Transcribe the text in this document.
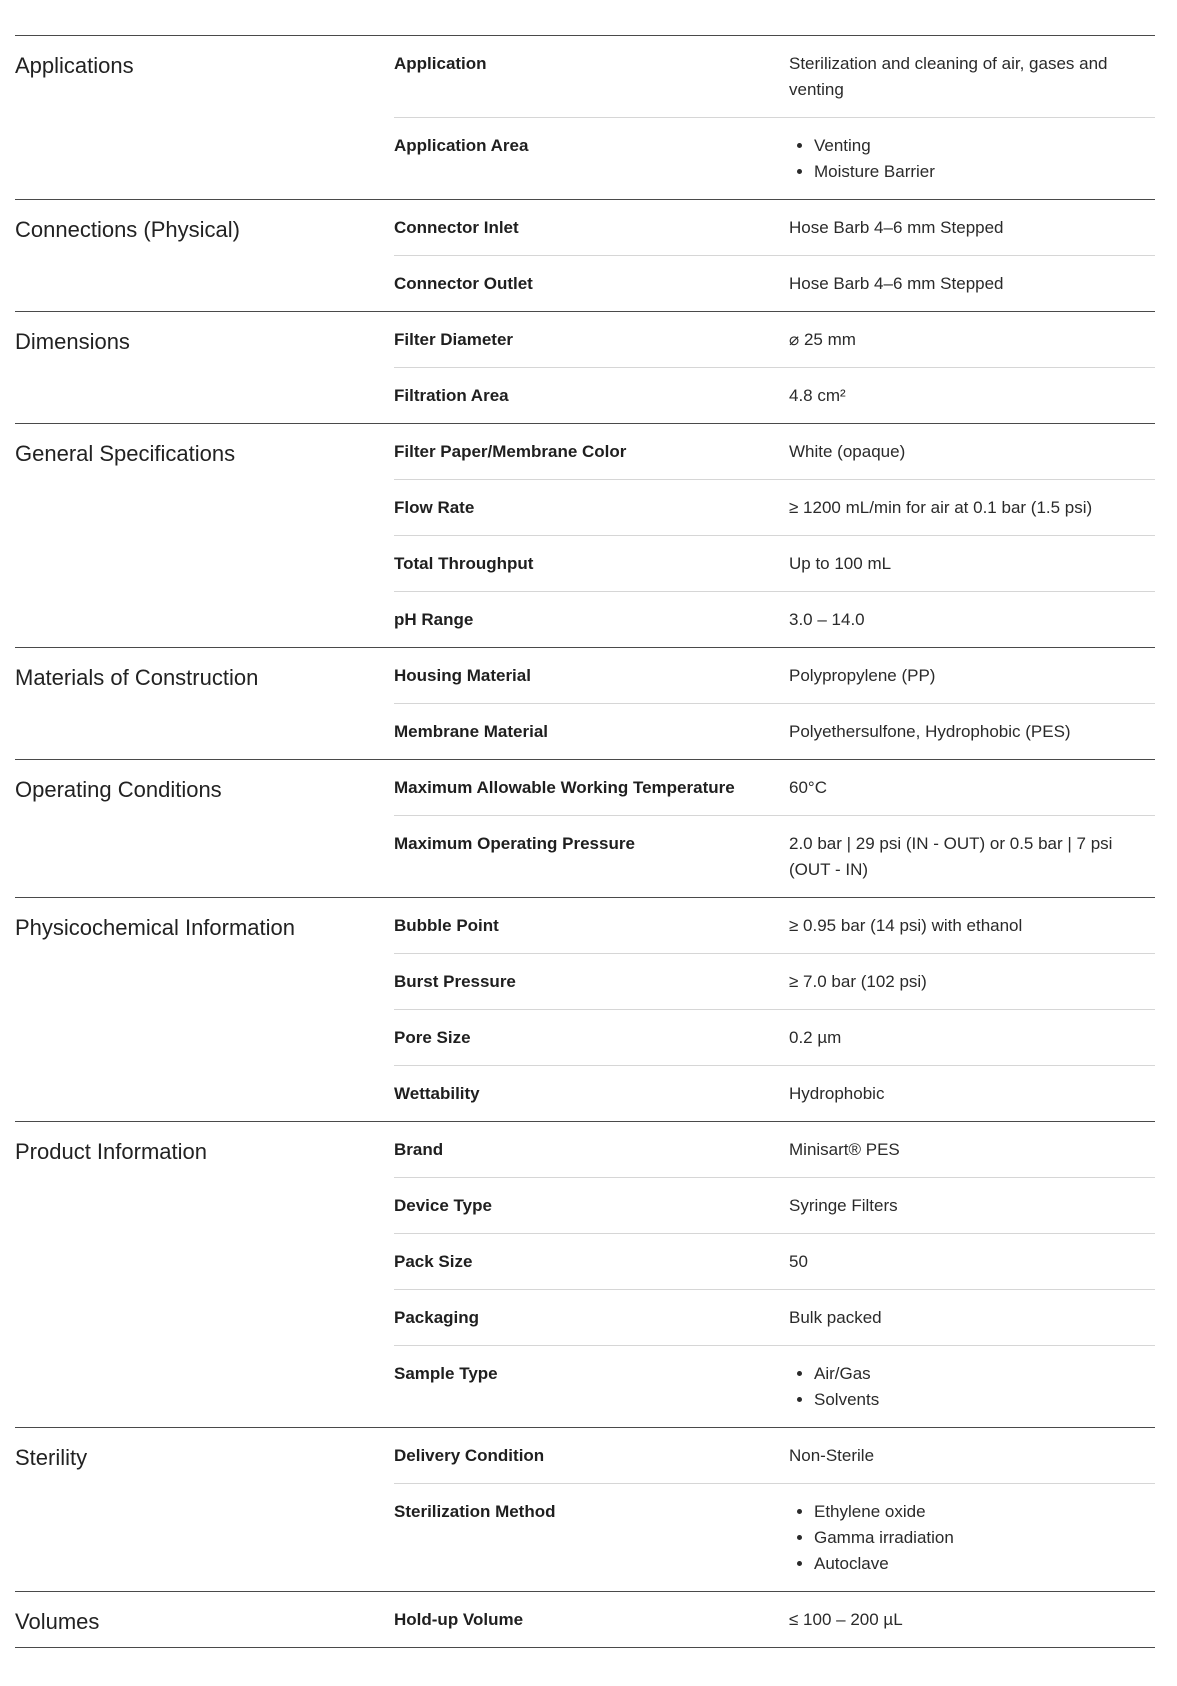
Applications	Application	Sterilization and cleaning of air, gases and venting
Application Area	• Venting
• Moisture Barrier
Connections (Physical)	Connector Inlet	Hose Barb 4–6 mm Stepped
Connector Outlet	Hose Barb 4–6 mm Stepped
Dimensions	Filter Diameter	⌀ 25 mm
Filtration Area	4.8 cm²
General Specifications	Filter Paper/Membrane Color	White (opaque)
Flow Rate	≥ 1200 mL/min for air at 0.1 bar (1.5 psi)
Total Throughput	Up to 100 mL
pH Range	3.0 – 14.0
Materials of Construction	Housing Material	Polypropylene (PP)
Membrane Material	Polyethersulfone, Hydrophobic (PES)
Operating Conditions	Maximum Allowable Working Temperature	60°C
Maximum Operating Pressure	2.0 bar | 29 psi (IN - OUT) or 0.5 bar | 7 psi (OUT - IN)
Physicochemical Information	Bubble Point	≥ 0.95 bar (14 psi) with ethanol
Burst Pressure	≥ 7.0 bar (102 psi)
Pore Size	0.2 µm
Wettability	Hydrophobic
Product Information	Brand	Minisart® PES
Device Type	Syringe Filters
Pack Size	50
Packaging	Bulk packed
Sample Type	• Air/Gas
• Solvents
Sterility	Delivery Condition	Non-Sterile
Sterilization Method	• Ethylene oxide
• Gamma irradiation
• Autoclave
Volumes	Hold-up Volume	≤ 100 – 200 µL
